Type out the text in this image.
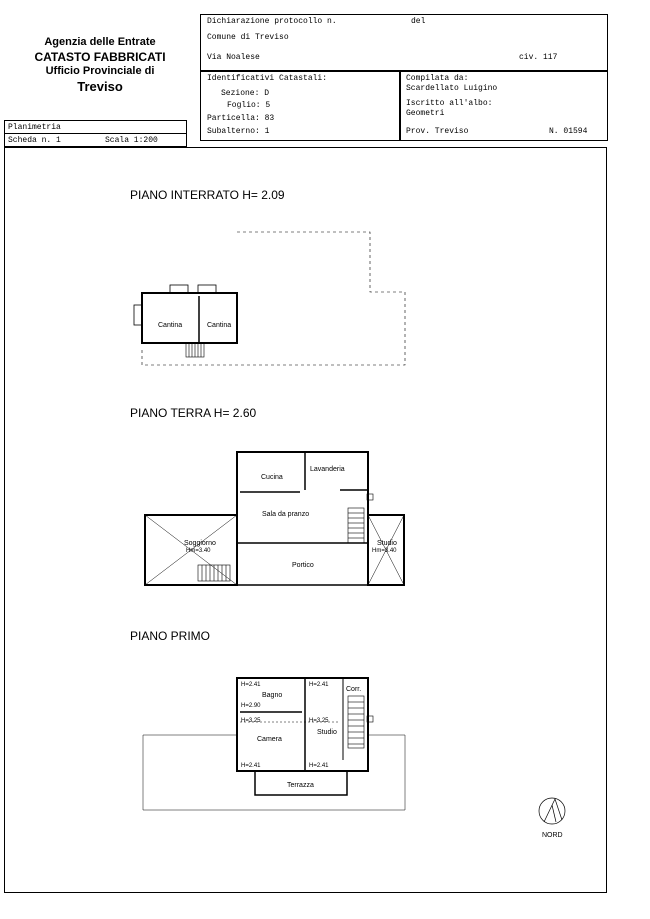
Agenzia delle Entrate
CATASTO FABBRICATI
Ufficio Provinciale di
Treviso
Dichiarazione protocollo n.	del
Comune di Treviso
Via Noalese	civ. 117
Identificativi Catastali:
Sezione: D
Foglio: 5
Particella: 83
Subalterno: 1
Compilata da:
Scardellato Luigino
Iscritto all'albo:
Geometri
Prov. Treviso	N. 01594
Planimetria
Scheda n. 1	Scala 1:200
PIANO INTERRATO H= 2.09
PIANO TERRA H= 2.60
PIANO PRIMO
Cantina	Cantina
Cucina
Lavanderia
Sala da pranzo
Soggiorno
Hm=3.40
Portico
Studio
Hm=3.40
Bagno
Corr.
Camera
Studio
Terrazza
H=2.41	H=2.41
H=2.90
H=3.25	H=3.25
H=2.41	H=2.41
NORD
